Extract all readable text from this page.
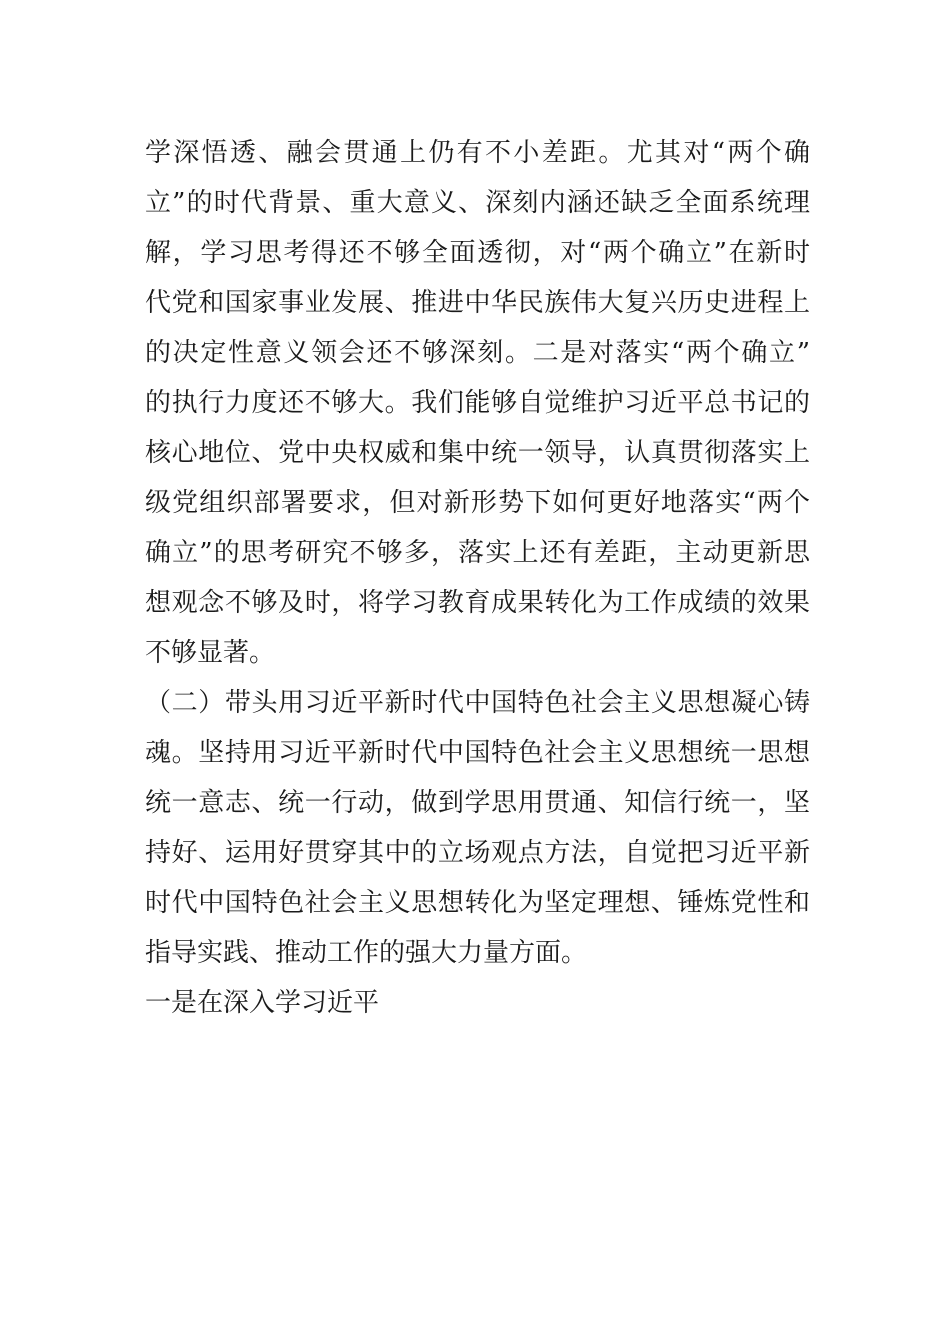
学深悟透、融会贯通上仍有不小差距。尤其对“两个确
立”的时代背景、重大意义、深刻内涵还缺乏全面系统理
解，学习思考得还不够全面透彻，对“两个确立”在新时
代党和国家事业发展、推进中华民族伟大复兴历史进程上
的决定性意义领会还不够深刻。二是对落实“两个确立”
的执行力度还不够大。我们能够自觉维护习近平总书记的
核心地位、党中央权威和集中统一领导，认真贯彻落实上
级党组织部署要求，但对新形势下如何更好地落实“两个
确立”的思考研究不够多，落实上还有差距，主动更新思
想观念不够及时，将学习教育成果转化为工作成绩的效果
不够显著。
（二）带头用习近平新时代中国特色社会主义思想凝心铸
魂。坚持用习近平新时代中国特色社会主义思想统一思想
统一意志、统一行动，做到学思用贯通、知信行统一，坚
持好、运用好贯穿其中的立场观点方法，自觉把习近平新
时代中国特色社会主义思想转化为坚定理想、锤炼党性和
指导实践、推动工作的强大力量方面。
一是在深入学习近平
